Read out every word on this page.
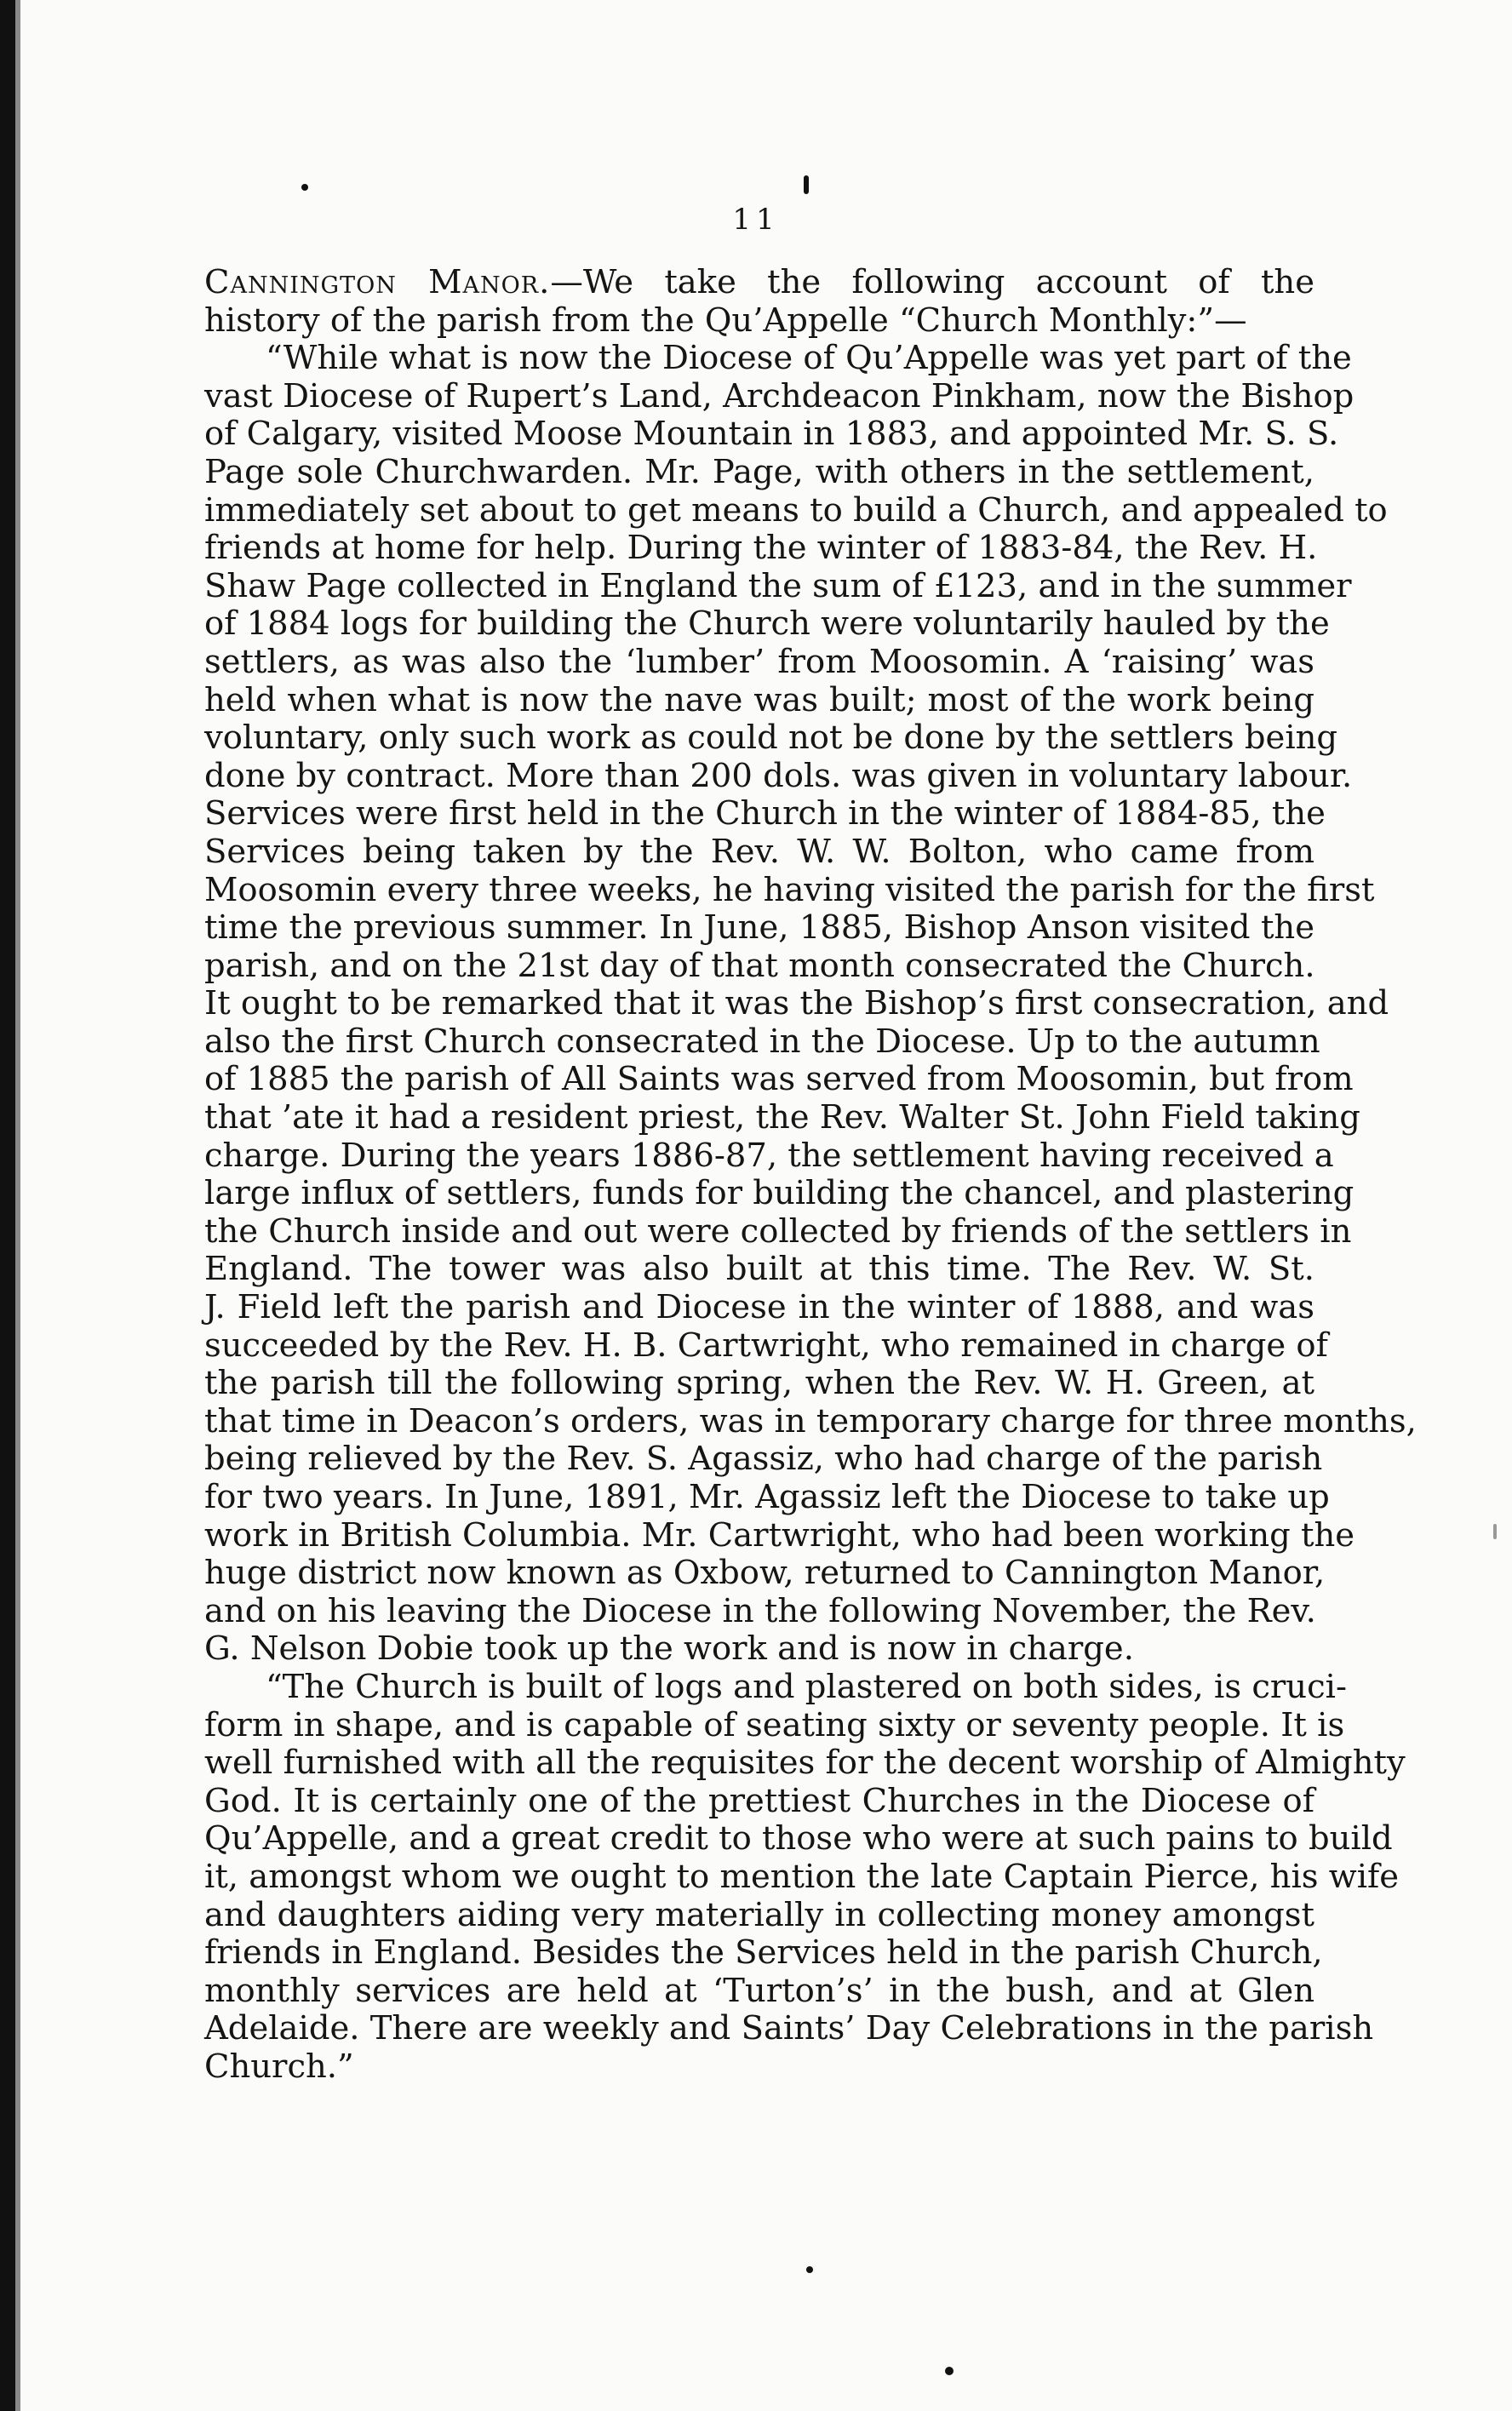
11
Cannington Manor.—We take the following account of the
history of the parish from the Qu’Appelle “Church Monthly:”—
“While what is now the Diocese of Qu’Appelle was yet part of the
vast Diocese of Rupert’s Land, Archdeacon Pinkham, now the Bishop
of Calgary, visited Moose Mountain in 1883, and appointed Mr. S. S.
Page sole Churchwarden. Mr. Page, with others in the settlement,
immediately set about to get means to build a Church, and appealed to
friends at home for help. During the winter of 1883-84, the Rev. H.
Shaw Page collected in England the sum of £123, and in the summer
of 1884 logs for building the Church were voluntarily hauled by the
settlers, as was also the ‘lumber’ from Moosomin. A ‘raising’ was
held when what is now the nave was built; most of the work being
voluntary, only such work as could not be done by the settlers being
done by contract. More than 200 dols. was given in voluntary labour.
Services were first held in the Church in the winter of 1884-85, the
Services being taken by the Rev. W. W. Bolton, who came from
Moosomin every three weeks, he having visited the parish for the first
time the previous summer. In June, 1885, Bishop Anson visited the
parish, and on the 21st day of that month consecrated the Church.
It ought to be remarked that it was the Bishop’s first consecration, and
also the first Church consecrated in the Diocese. Up to the autumn
of 1885 the parish of All Saints was served from Moosomin, but from
that ’ate it had a resident priest, the Rev. Walter St. John Field taking
charge. During the years 1886-87, the settlement having received a
large influx of settlers, funds for building the chancel, and plastering
the Church inside and out were collected by friends of the settlers in
England. The tower was also built at this time. The Rev. W. St.
J. Field left the parish and Diocese in the winter of 1888, and was
succeeded by the Rev. H. B. Cartwright, who remained in charge of
the parish till the following spring, when the Rev. W. H. Green, at
that time in Deacon’s orders, was in temporary charge for three months,
being relieved by the Rev. S. Agassiz, who had charge of the parish
for two years. In June, 1891, Mr. Agassiz left the Diocese to take up
work in British Columbia. Mr. Cartwright, who had been working the
huge district now known as Oxbow, returned to Cannington Manor,
and on his leaving the Diocese in the following November, the Rev.
G. Nelson Dobie took up the work and is now in charge.
“The Church is built of logs and plastered on both sides, is cruci-
form in shape, and is capable of seating sixty or seventy people. It is
well furnished with all the requisites for the decent worship of Almighty
God. It is certainly one of the prettiest Churches in the Diocese of
Qu’Appelle, and a great credit to those who were at such pains to build
it, amongst whom we ought to mention the late Captain Pierce, his wife
and daughters aiding very materially in collecting money amongst
friends in England. Besides the Services held in the parish Church,
monthly services are held at ‘Turton’s’ in the bush, and at Glen
Adelaide. There are weekly and Saints’ Day Celebrations in the parish
Church.”
